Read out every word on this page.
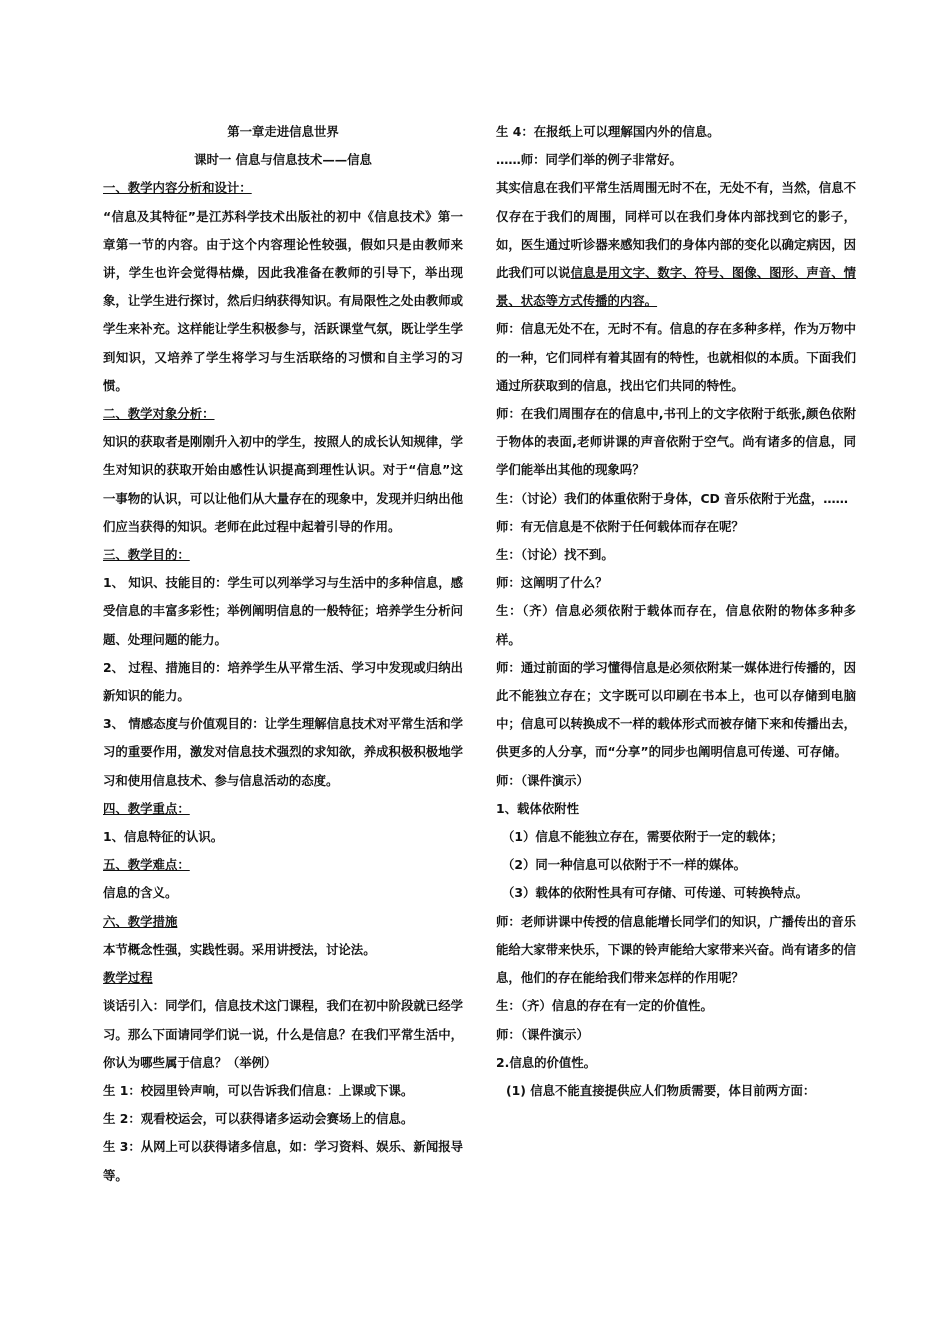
第一章走进信息世界

课时一 信息与信息技术——信息

一、教学内容分析和设计：

“信息及其特征”是江苏科学技术出版社的初中《信息技术》第一章第一节的内容。由于这个内容理论性较强，假如只是由教师来讲，学生也许会觉得枯燥，因此我准备在教师的引导下，举出现象，让学生进行探讨，然后归纳获得知识。有局限性之处由教师或学生来补充。这样能让学生积极参与，活跃课堂气氛，既让学生学到知识，又培养了学生将学习与生活联络的习惯和自主学习的习惯。

二、教学对象分析：

知识的获取者是刚刚升入初中的学生，按照人的成长认知规律，学生对知识的获取开始由感性认识提高到理性认识。对于“信息”这一事物的认识，可以让他们从大量存在的现象中，发现并归纳出他们应当获得的知识。老师在此过程中起着引导的作用。

三、教学目的：

1、 知识、技能目的：学生可以列举学习与生活中的多种信息，感受信息的丰富多彩性；举例阐明信息的一般特征；培养学生分析问题、处理问题的能力。

2、 过程、措施目的：培养学生从平常生活、学习中发现或归纳出新知识的能力。

3、 情感态度与价值观目的：让学生理解信息技术对平常生活和学习的重要作用，激发对信息技术强烈的求知欲，养成积极积极地学习和使用信息技术、参与信息活动的态度。

四、教学重点：

1、信息特征的认识。

五、教学难点：

信息的含义。

六、教学措施

本节概念性强，实践性弱。采用讲授法，讨论法。

教学过程

谈话引入：同学们，信息技术这门课程，我们在初中阶段就已经学习。那么下面请同学们说一说，什么是信息？在我们平常生活中，你认为哪些属于信息？（举例）

生 1：校园里铃声响，可以告诉我们信息：上课或下课。

生 2：观看校运会，可以获得诸多运动会赛场上的信息。

生 3：从网上可以获得诸多信息，如：学习资料、娱乐、新闻报导等。

生 4：在报纸上可以理解国内外的信息。

……师：同学们举的例子非常好。

其实信息在我们平常生活周围无时不在，无处不有，当然，信息不仅存在于我们的周围，同样可以在我们身体内部找到它的影子，如，医生通过听诊器来感知我们的身体内部的变化以确定病因，因此我们可以说信息是用文字、数字、符号、图像、图形、声音、情景、状态等方式传播的内容。

师：信息无处不在，无时不有。信息的存在多种多样，作为万物中的一种，它们同样有着其固有的特性，也就相似的本质。下面我们通过所获取到的信息，找出它们共同的特性。

师：在我们周围存在的信息中,书刊上的文字依附于纸张,颜色依附于物体的表面,老师讲课的声音依附于空气。尚有诸多的信息，同学们能举出其他的现象吗？

生：（讨论）我们的体重依附于身体，CD 音乐依附于光盘，……

师：有无信息是不依附于任何载体而存在呢？

生：（讨论）找不到。

师：这阐明了什么？

生：（齐）信息必须依附于载体而存在，信息依附的物体多种多样。

师：通过前面的学习懂得信息是必须依附某一媒体进行传播的，因此不能独立存在；文字既可以印刷在书本上，也可以存储到电脑中；信息可以转换成不一样的载体形式而被存储下来和传播出去，供更多的人分享，而“分享”的同步也阐明信息可传递、可存储。

师：（课件演示）

1、载体依附性

（1）信息不能独立存在，需要依附于一定的载体；

（2）同一种信息可以依附于不一样的媒体。

（3）载体的依附性具有可存储、可传递、可转换特点。

师：老师讲课中传授的信息能增长同学们的知识，广播传出的音乐能给大家带来快乐，下课的铃声能给大家带来兴奋。尚有诸多的信息，他们的存在能给我们带来怎样的作用呢？

生：（齐）信息的存在有一定的价值性。

师：（课件演示）

2.信息的价值性。

(1) 信息不能直接提供应人们物质需要，体目前两方面：
